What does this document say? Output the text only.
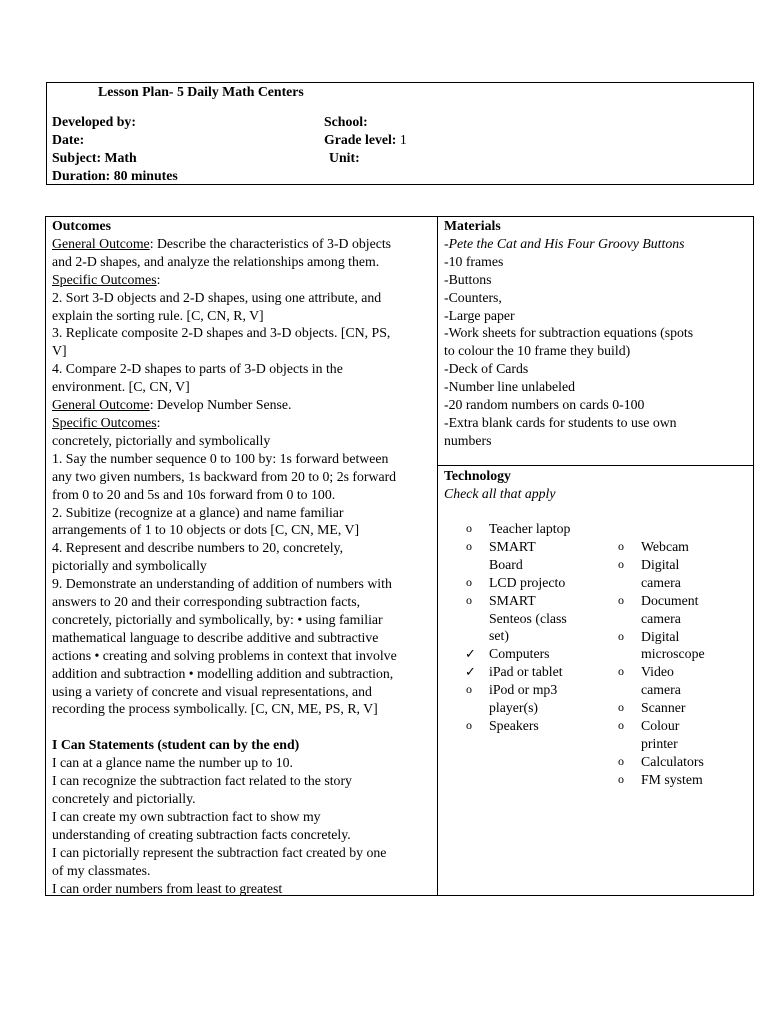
Lesson Plan- 5 Daily Math Centers
Developed by:	School:
Date:	Grade level: 1
Subject: Math	Unit:
Duration: 80 minutes
Outcomes
General Outcome: Describe the characteristics of 3-D objects
and 2-D shapes, and analyze the relationships among them.
Specific Outcomes:
2. Sort 3-D objects and 2-D shapes, using one attribute, and
explain the sorting rule. [C, CN, R, V]
3. Replicate composite 2-D shapes and 3-D objects. [CN, PS,
V]
4. Compare 2-D shapes to parts of 3-D objects in the
environment. [C, CN, V]
General Outcome: Develop Number Sense.
Specific Outcomes:
concretely, pictorially and symbolically
1. Say the number sequence 0 to 100 by: 1s forward between
any two given numbers, 1s backward from 20 to 0; 2s forward
from 0 to 20 and 5s and 10s forward from 0 to 100.
2. Subitize (recognize at a glance) and name familiar
arrangements of 1 to 10 objects or dots [C, CN, ME, V]
4. Represent and describe numbers to 20, concretely,
pictorially and symbolically
9. Demonstrate an understanding of addition of numbers with
answers to 20 and their corresponding subtraction facts,
concretely, pictorially and symbolically, by: • using familiar
mathematical language to describe additive and subtractive
actions • creating and solving problems in context that involve
addition and subtraction • modelling addition and subtraction,
using a variety of concrete and visual representations, and
recording the process symbolically. [C, CN, ME, PS, R, V]
I Can Statements (student can by the end)
I can at a glance name the number up to 10.
I can recognize the subtraction fact related to the story
concretely and pictorially.
I can create my own subtraction fact to show my
understanding of creating subtraction facts concretely.
I can pictorially represent the subtraction fact created by one
of my classmates.
I can order numbers from least to greatest
Materials
-Pete the Cat and His Four Groovy Buttons
-10 frames
-Buttons
-Counters,
-Large paper
-Work sheets for subtraction equations (spots
to colour the 10 frame they build)
-Deck of Cards
-Number line unlabeled
-20 random numbers on cards 0-100
-Extra blank cards for students to use own
numbers
Technology
Check all that apply
o Teacher laptop
o SMART
Board
o LCD projecto
o SMART
Senteos (class
set)
✓ Computers
✓ iPad or tablet
o iPod or mp3
player(s)
o Speakers
o Webcam
o Digital
camera
o Document
camera
o Digital
microscope
o Video
camera
o Scanner
o Colour
printer
o Calculators
o FM system
